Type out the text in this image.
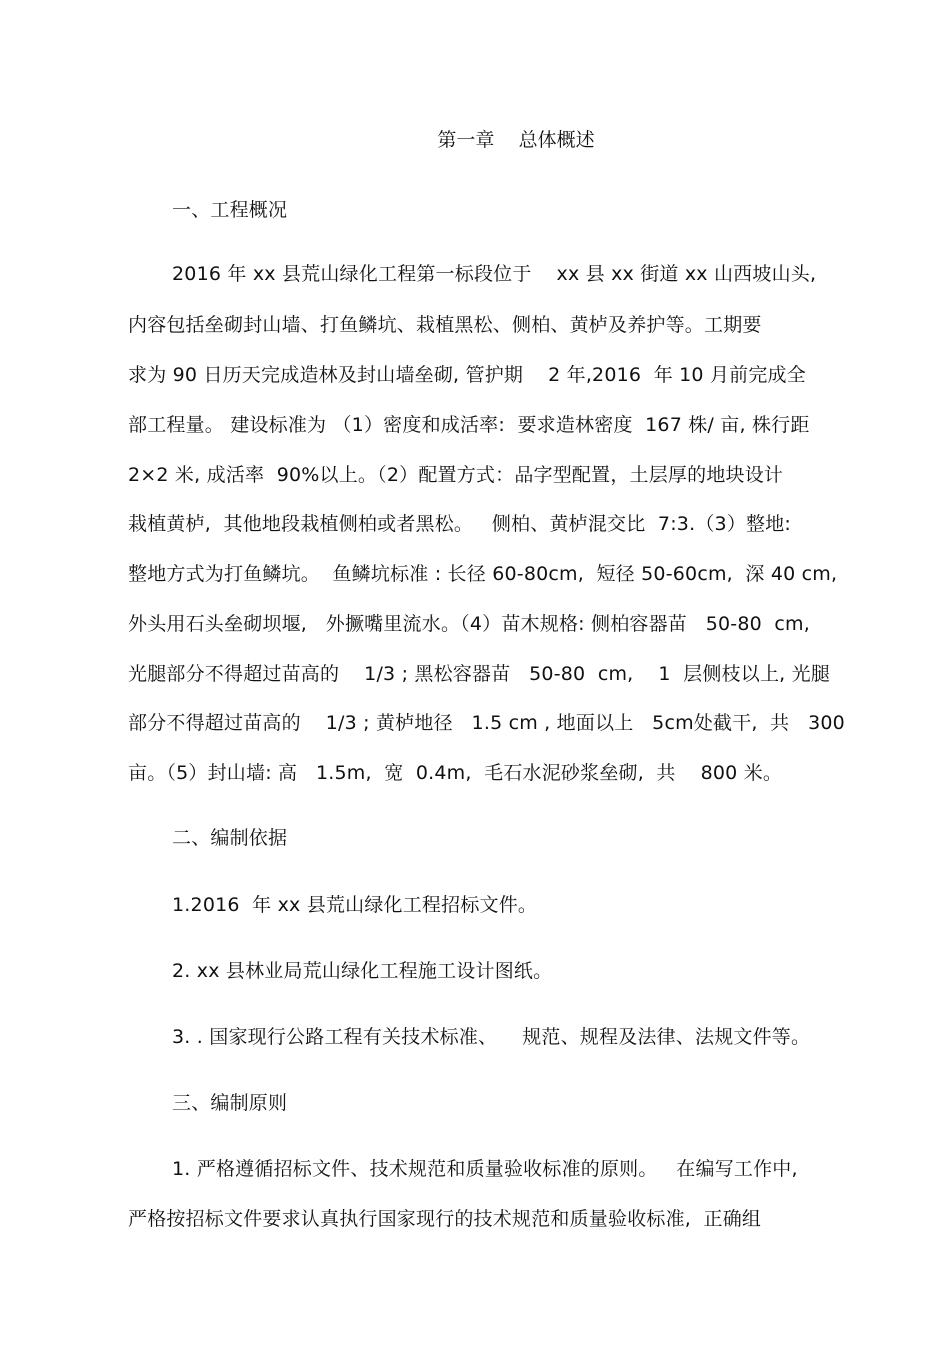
第一章    总体概述
一、工程概况
2016 年 xx 县荒山绿化工程第一标段位于    xx 县 xx 街道 xx 山西坡山头,
内容包括垒砌封山墙、打鱼鳞坑、栽植黑松、侧柏、黄栌及养护等。工期要
求为 90 日历天完成造林及封山墙垒砌, 管护期    2 年,2016  年 10 月前完成全
部工程量。 建设标准为 （1）密度和成活率:  要求造林密度  167 株/ 亩, 株行距
2×2 米, 成活率  90%以上。（2）配置方式：品字型配置，土层厚的地块设计
栽植黄栌,  其他地段栽植侧柏或者黑松。   侧柏、黄栌混交比  7:3.（3）整地:
整地方式为打鱼鳞坑。  鱼鳞坑标准 : 长径 60-80cm,  短径 50-60cm,  深 40 cm,
外头用石头垒砌坝堰,   外撅嘴里流水。（4）苗木规格: 侧柏容器苗   50-80  cm,
光腿部分不得超过苗高的    1/3 ; 黑松容器苗   50-80  cm,    1  层侧枝以上, 光腿
部分不得超过苗高的    1/3 ; 黄栌地径   1.5 cm , 地面以上   5cm处截干,  共   300
亩。（5）封山墙: 高   1.5m,  宽  0.4m,  毛石水泥砂浆垒砌,  共    800 米。
二、编制依据
1.2016  年 xx 县荒山绿化工程招标文件。
2. xx 县林业局荒山绿化工程施工设计图纸。
3. . 国家现行公路工程有关技术标准、    规范、规程及法律、法规文件等。
三、编制原则
1. 严格遵循招标文件、技术规范和质量验收标准的原则。   在编写工作中,
严格按招标文件要求认真执行国家现行的技术规范和质量验收标准,  正确组
